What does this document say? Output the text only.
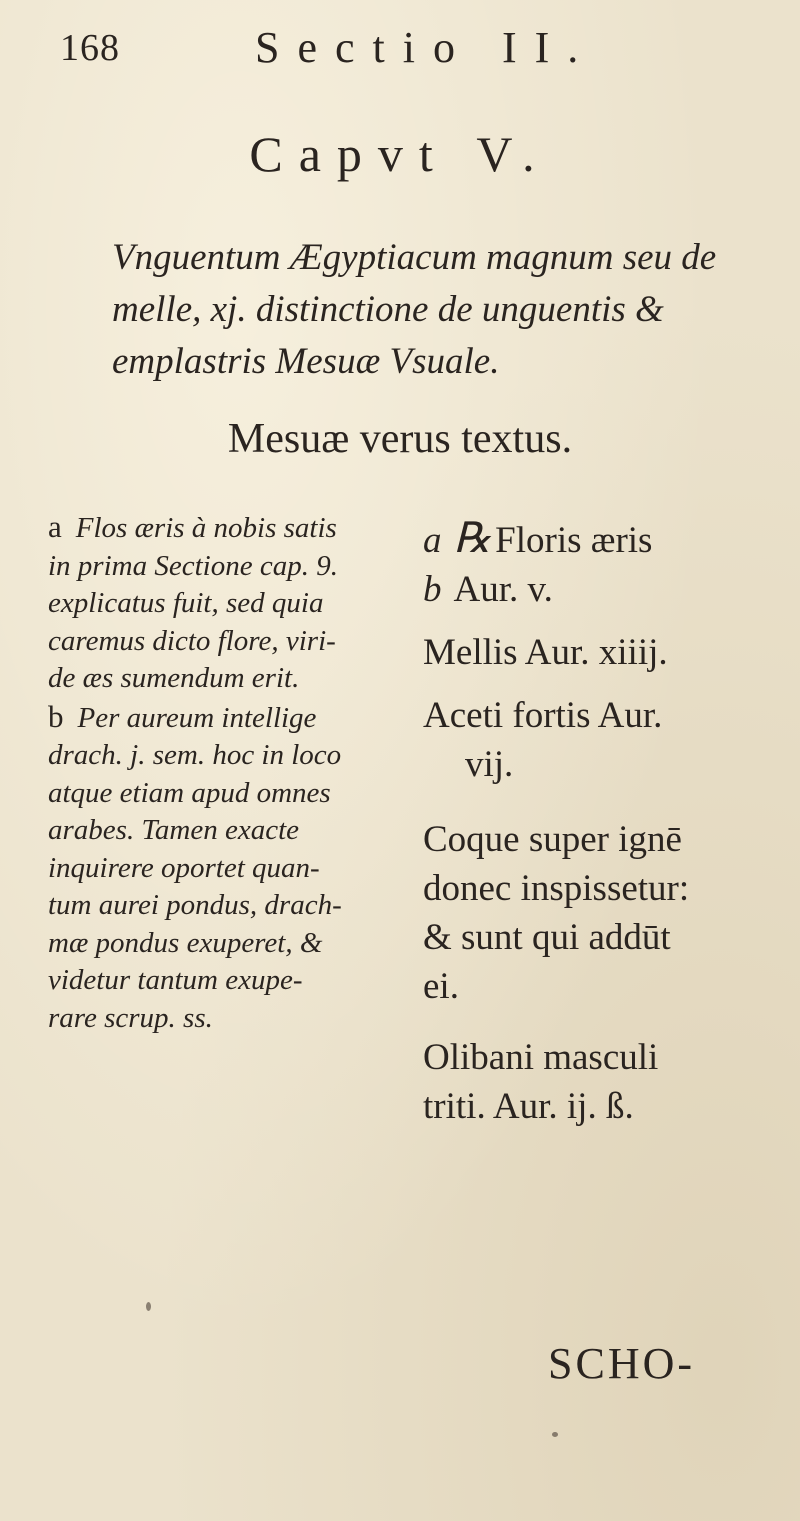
168	Sectio II.
Capvt V.

Vnguentum Ægyptiacum magnum seu de

melle, xj. distinctione de unguentis &

emplastris Mesuæ Vsuale.

Mesuæ verus textus.
a Flos æris à nobis satis
in prima Sectione cap. 9.
explicatus fuit, sed quia
caremus dicto flore, viri-
de æs sumendum erit.
b Per aureum intellige
drach. j. sem. hoc in loco
atque etiam apud omnes
arabes. Tamen exacte
inquirere oportet quan-
tum aurei pondus, drach-
mæ pondus exuperet, &
videtur tantum exupe-
rare scrup. ss.

a ℞ Floris æris

b Aur. v.

Mellis Aur. xiiij.

Aceti fortis Aur.

vij.

Coque super ignē

donec inspissetur:

& sunt qui addūt

ei.

Olibani masculi

triti. Aur. ij. ß.

SCHO-
